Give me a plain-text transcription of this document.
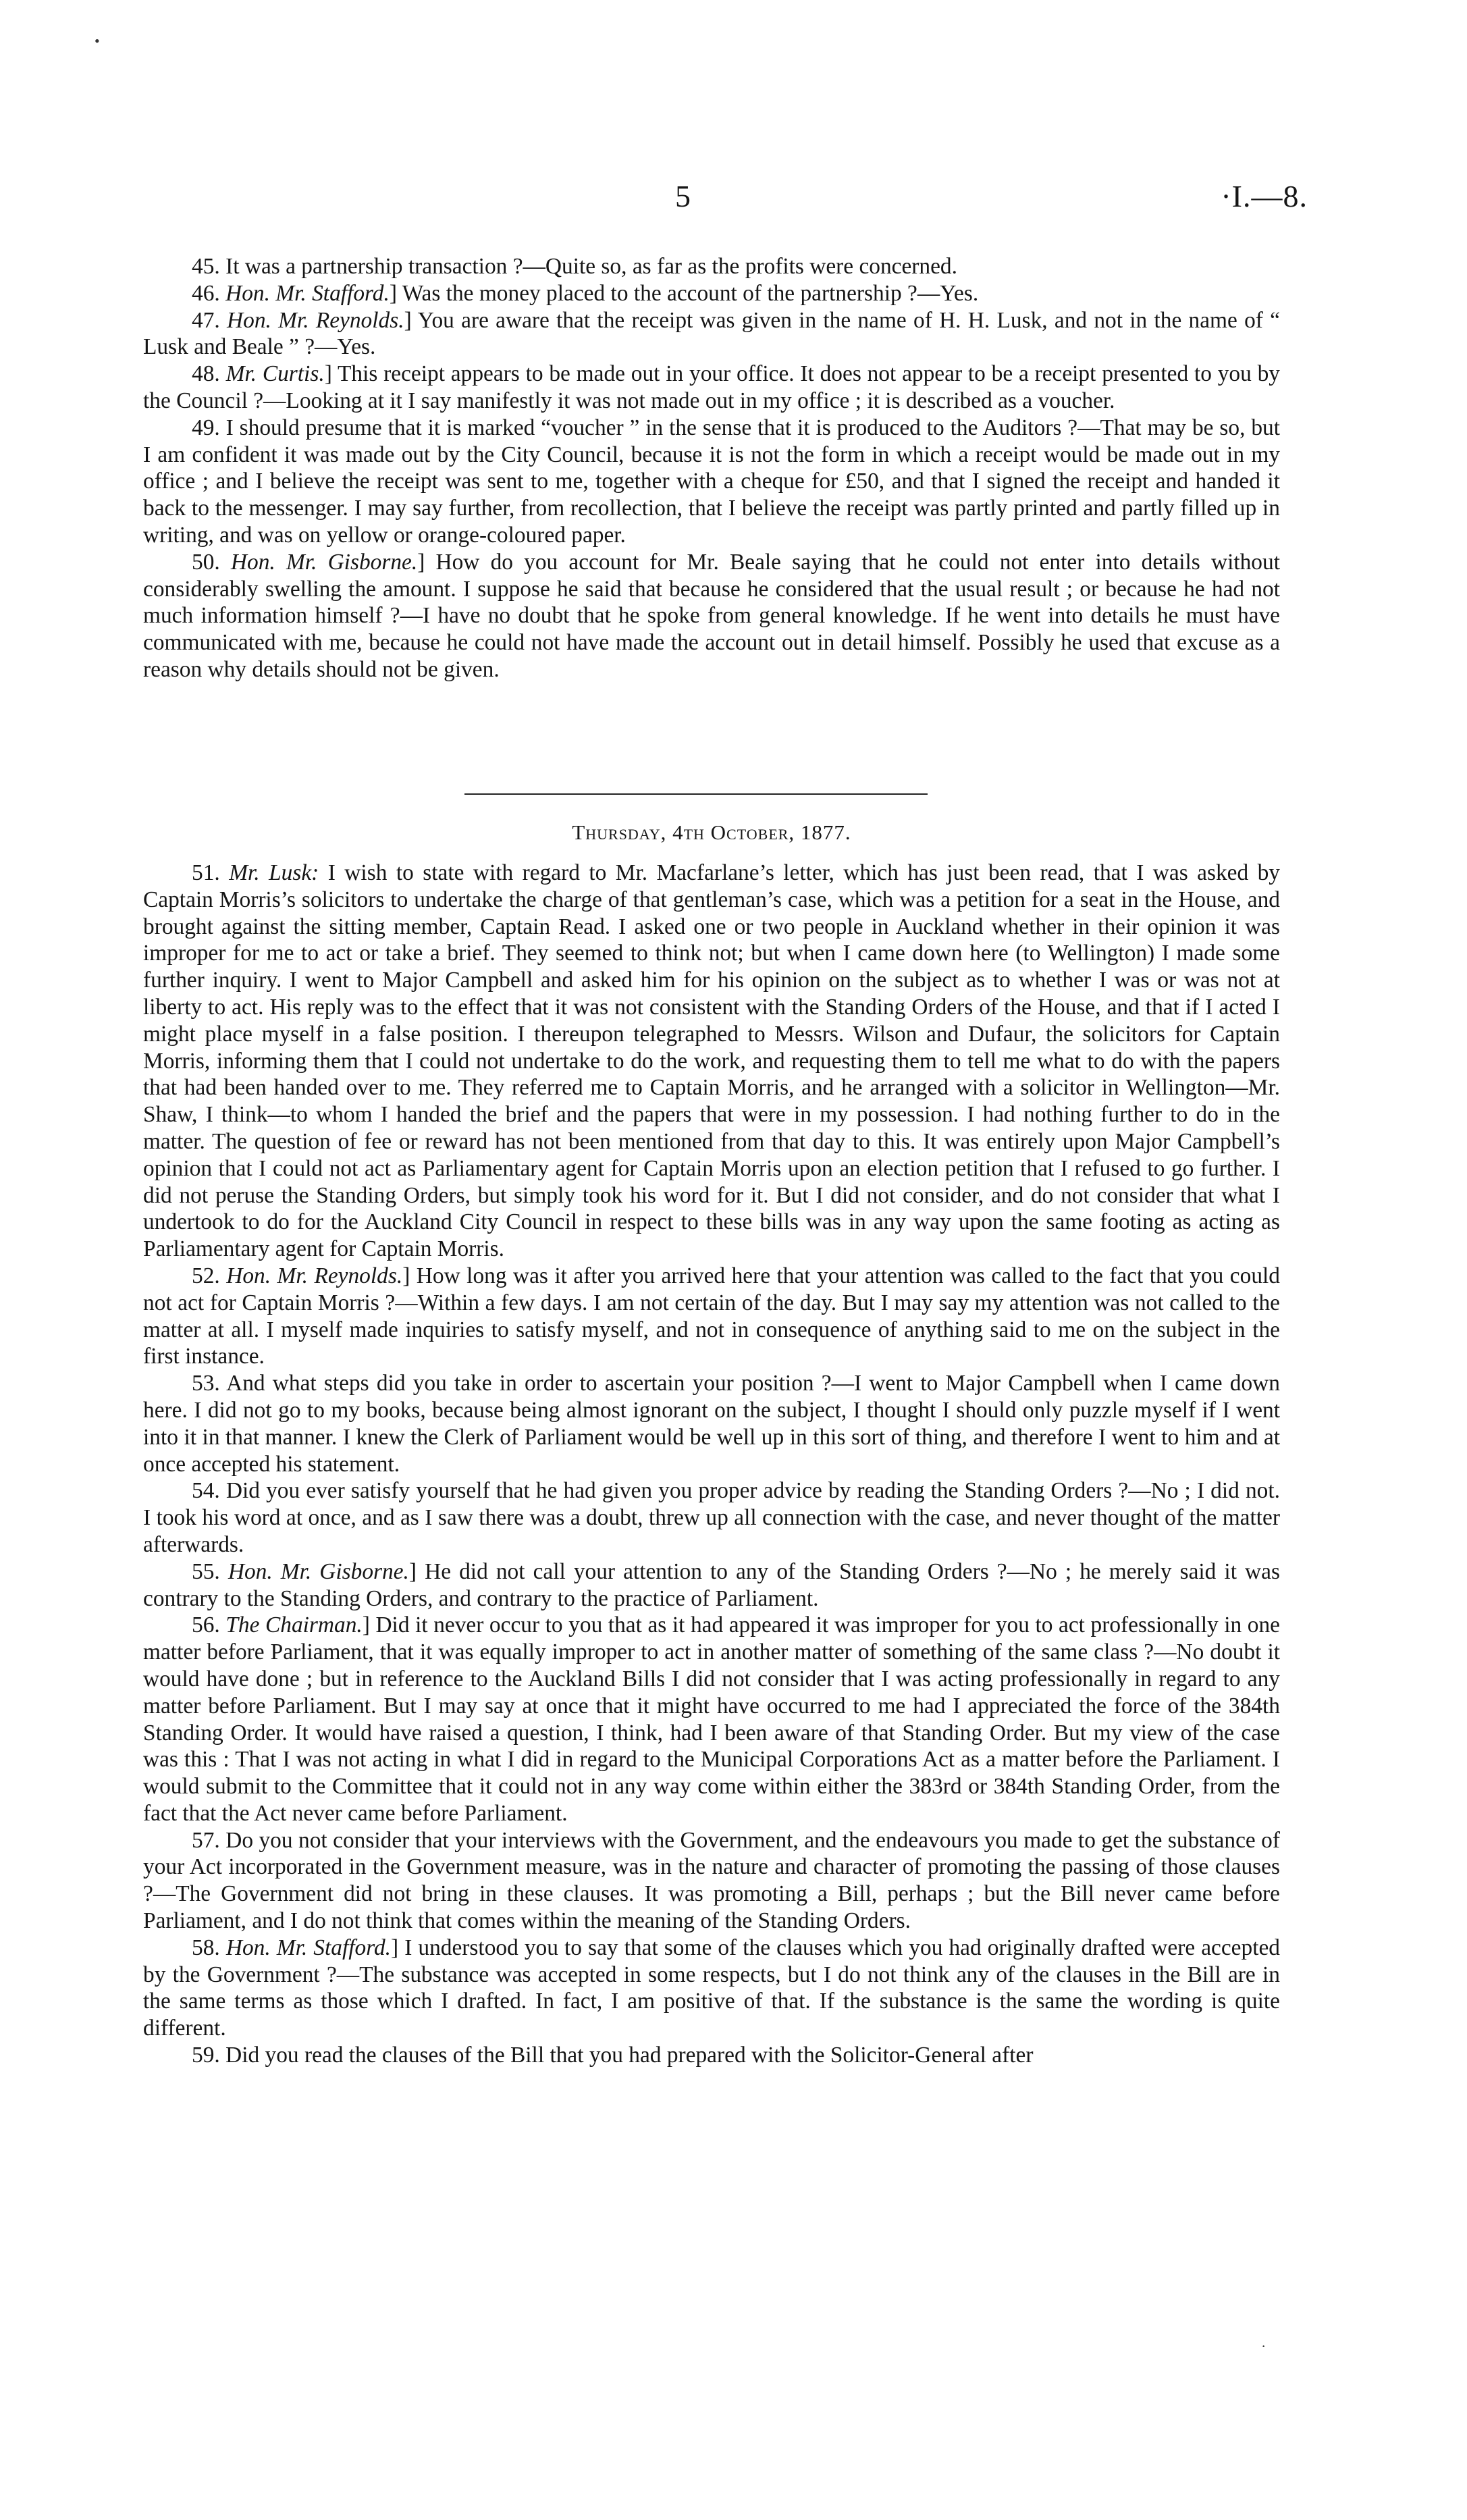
•
5	·I.—8.

45. It was a partnership transaction ?—Quite so, as far as the profits were concerned.

46. Hon. Mr. Stafford.] Was the money placed to the account of the partnership ?—Yes.

47. Hon. Mr. Reynolds.] You are aware that the receipt was given in the name of H. H. Lusk, and not in the name of “ Lusk and Beale ” ?—Yes.

48. Mr. Curtis.] This receipt appears to be made out in your office. It does not appear to be a receipt presented to you by the Council ?—Looking at it I say manifestly it was not made out in my office ; it is described as a voucher.

49. I should presume that it is marked “voucher ” in the sense that it is produced to the Auditors ?—That may be so, but I am confident it was made out by the City Council, because it is not the form in which a receipt would be made out in my office ; and I believe the receipt was sent to me, together with a cheque for £50, and that I signed the receipt and handed it back to the messenger. I may say further, from recollection, that I believe the receipt was partly printed and partly filled up in writing, and was on yellow or orange-coloured paper.

50. Hon. Mr. Gisborne.] How do you account for Mr. Beale saying that he could not enter into details without considerably swelling the amount. I suppose he said that because he considered that the usual result ; or because he had not much information himself ?—I have no doubt that he spoke from general knowledge. If he went into details he must have communicated with me, because he could not have made the account out in detail himself. Possibly he used that excuse as a reason why details should not be given.

Thursday, 4th October, 1877.

51. Mr. Lusk: I wish to state with regard to Mr. Macfarlane’s letter, which has just been read, that I was asked by Captain Morris’s solicitors to undertake the charge of that gentleman’s case, which was a petition for a seat in the House, and brought against the sitting member, Captain Read. I asked one or two people in Auckland whether in their opinion it was improper for me to act or take a brief. They seemed to think not; but when I came down here (to Wellington) I made some further inquiry. I went to Major Campbell and asked him for his opinion on the subject as to whether I was or was not at liberty to act. His reply was to the effect that it was not consistent with the Standing Orders of the House, and that if I acted I might place myself in a false position. I thereupon telegraphed to Messrs. Wilson and Dufaur, the solicitors for Captain Morris, informing them that I could not undertake to do the work, and requesting them to tell me what to do with the papers that had been handed over to me. They referred me to Captain Morris, and he arranged with a solicitor in Wellington—Mr. Shaw, I think—to whom I handed the brief and the papers that were in my possession. I had nothing further to do in the matter. The question of fee or reward has not been mentioned from that day to this. It was entirely upon Major Campbell’s opinion that I could not act as Parliamentary agent for Captain Morris upon an election petition that I refused to go further. I did not peruse the Standing Orders, but simply took his word for it. But I did not consider, and do not consider that what I undertook to do for the Auckland City Council in respect to these bills was in any way upon the same footing as acting as Parliamentary agent for Captain Morris.

52. Hon. Mr. Reynolds.] How long was it after you arrived here that your attention was called to the fact that you could not act for Captain Morris ?—Within a few days. I am not certain of the day. But I may say my attention was not called to the matter at all. I myself made inquiries to satisfy myself, and not in consequence of anything said to me on the subject in the first instance.

53. And what steps did you take in order to ascertain your position ?—I went to Major Campbell when I came down here. I did not go to my books, because being almost ignorant on the subject, I thought I should only puzzle myself if I went into it in that manner. I knew the Clerk of Parliament would be well up in this sort of thing, and therefore I went to him and at once accepted his statement.

54. Did you ever satisfy yourself that he had given you proper advice by reading the Standing Orders ?—No ; I did not. I took his word at once, and as I saw there was a doubt, threw up all connection with the case, and never thought of the matter afterwards.

55. Hon. Mr. Gisborne.] He did not call your attention to any of the Standing Orders ?—No ; he merely said it was contrary to the Standing Orders, and contrary to the practice of Parliament.

56. The Chairman.] Did it never occur to you that as it had appeared it was improper for you to act professionally in one matter before Parliament, that it was equally improper to act in another matter of something of the same class ?—No doubt it would have done ; but in reference to the Auckland Bills I did not consider that I was acting professionally in regard to any matter before Parliament. But I may say at once that it might have occurred to me had I appreciated the force of the 384th Standing Order. It would have raised a question, I think, had I been aware of that Standing Order. But my view of the case was this : That I was not acting in what I did in regard to the Municipal Corporations Act as a matter before the Parliament. I would submit to the Committee that it could not in any way come within either the 383rd or 384th Standing Order, from the fact that the Act never came before Parliament.

57. Do you not consider that your interviews with the Government, and the endeavours you made to get the substance of your Act incorporated in the Government measure, was in the nature and character of promoting the passing of those clauses ?—The Government did not bring in these clauses. It was promoting a Bill, perhaps ; but the Bill never came before Parliament, and I do not think that comes within the meaning of the Standing Orders.

58. Hon. Mr. Stafford.] I understood you to say that some of the clauses which you had originally drafted were accepted by the Government ?—The substance was accepted in some respects, but I do not think any of the clauses in the Bill are in the same terms as those which I drafted. In fact, I am positive of that. If the substance is the same the wording is quite different.

59. Did you read the clauses of the Bill that you had prepared with the Solicitor-General after

·
